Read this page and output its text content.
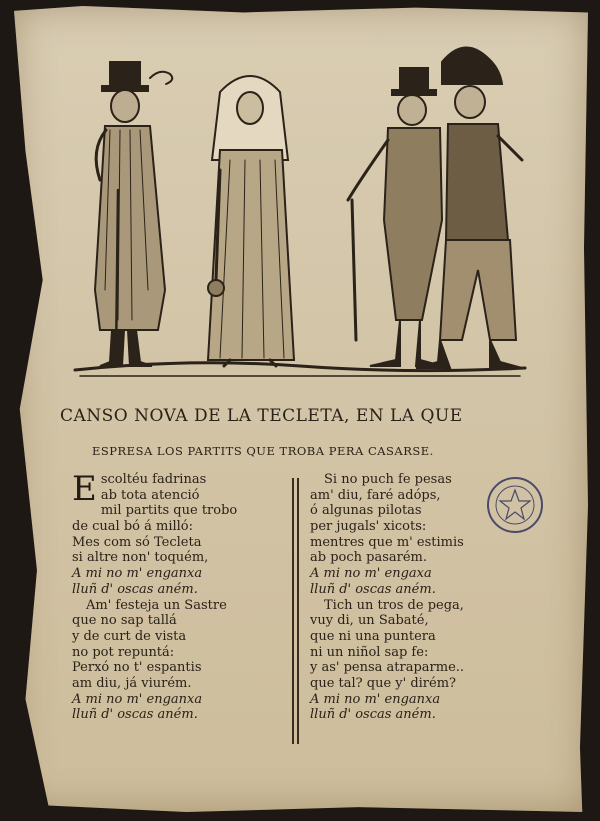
CANSO NOVA DE LA TECLETA, EN LA QUE
ESPRESA LOS PARTITS QUE TROBA PERA CASARSE.
Escoltéu fadrinas
ab tota atenció
mil partits que trobo
de cual bó á milló:
Mes com só Tecleta
si altre non' toquém,
A mi no m' enganxa
lluñ d' oscas aném.
Am' festeja un Sastre
que no sap tallá
y de curt de vista
no pot repuntá:
Perxó no t' espantis
am diu, já viurém.
A mi no m' enganxa
lluñ d' oscas aném.
Si no puch fe pesas
am' diu, faré adóps,
ó algunas pilotas
per jugals' xicots:
mentres que m' estimis
ab poch pasarém.
A mi no m' engaxa
lluñ d' oscas aném.
Tich un tros de pega,
vuy di, un Sabaté,
que ni una puntera
ni un niñol sap fe:
y as' pensa atraparme..
que tal? que y' dirém?
A mi no m' enganxa
lluñ d' oscas aném.
